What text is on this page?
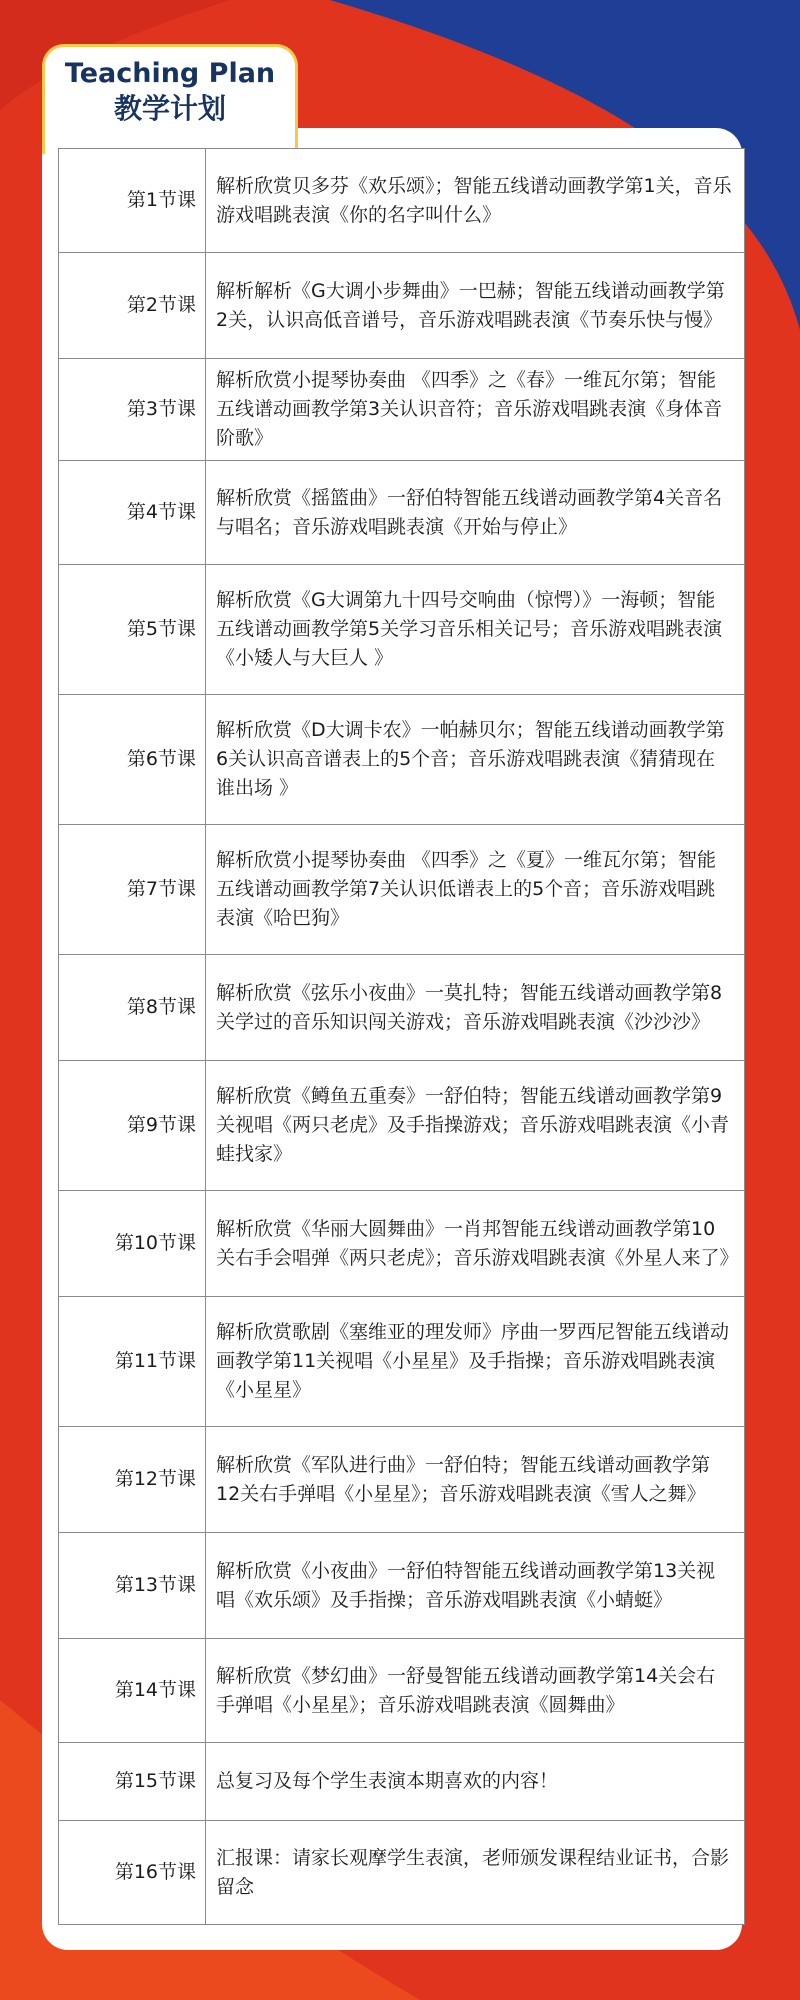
Teaching Plan
教学计划
第1节课	解析欣赏贝多芬《欢乐颂》；智能五线谱动画教学第1关，音乐游戏唱跳表演《你的名字叫什么》
第2节课	解析解析《G大调小步舞曲》一巴赫；智能五线谱动画教学第2关，认识高低音谱号，音乐游戏唱跳表演《节奏乐快与慢》
第3节课	解析欣赏小提琴协奏曲 《四季》之《春》一维瓦尔第；智能五线谱动画教学第3关认识音符；音乐游戏唱跳表演《身体音阶歌》
第4节课	解析欣赏《摇篮曲》一舒伯特智能五线谱动画教学第4关音名与唱名；音乐游戏唱跳表演《开始与停止》
第5节课	解析欣赏《G大调第九十四号交响曲（惊愕）》一海顿；智能五线谱动画教学第5关学习音乐相关记号；音乐游戏唱跳表演 《小矮人与大巨人 》
第6节课	解析欣赏《D大调卡农》一帕赫贝尔；智能五线谱动画教学第6关认识高音谱表上的5个音；音乐游戏唱跳表演《猜猜现在谁出场 》
第7节课	解析欣赏小提琴协奏曲 《四季》之《夏》一维瓦尔第；智能五线谱动画教学第7关认识低谱表上的5个音；音乐游戏唱跳表演《哈巴狗》
第8节课	解析欣赏《弦乐小夜曲》一莫扎特；智能五线谱动画教学第8关学过的音乐知识闯关游戏；音乐游戏唱跳表演《沙沙沙》
第9节课	解析欣赏《鳟鱼五重奏》一舒伯特；智能五线谱动画教学第9关视唱《两只老虎》及手指操游戏；音乐游戏唱跳表演《小青蛙找家》
第10节课	解析欣赏《华丽大圆舞曲》一肖邦智能五线谱动画教学第10关右手会唱弹《两只老虎》；音乐游戏唱跳表演《外星人来了》
第11节课	解析欣赏歌剧《塞维亚的理发师》序曲一罗西尼智能五线谱动画教学第11关视唱《小星星》及手指操；音乐游戏唱跳表演《小星星》
第12节课	解析欣赏《军队进行曲》一舒伯特；智能五线谱动画教学第12关右手弹唱《小星星》；音乐游戏唱跳表演《雪人之舞》
第13节课	解析欣赏《小夜曲》一舒伯特智能五线谱动画教学第13关视唱《欢乐颂》及手指操；音乐游戏唱跳表演《小蜻蜓》
第14节课	解析欣赏《梦幻曲》一舒曼智能五线谱动画教学第14关会右手弹唱《小星星》；音乐游戏唱跳表演《圆舞曲》
第15节课	总复习及每个学生表演本期喜欢的内容！
第16节课	汇报课：请家长观摩学生表演，老师颁发课程结业证书，合影留念
